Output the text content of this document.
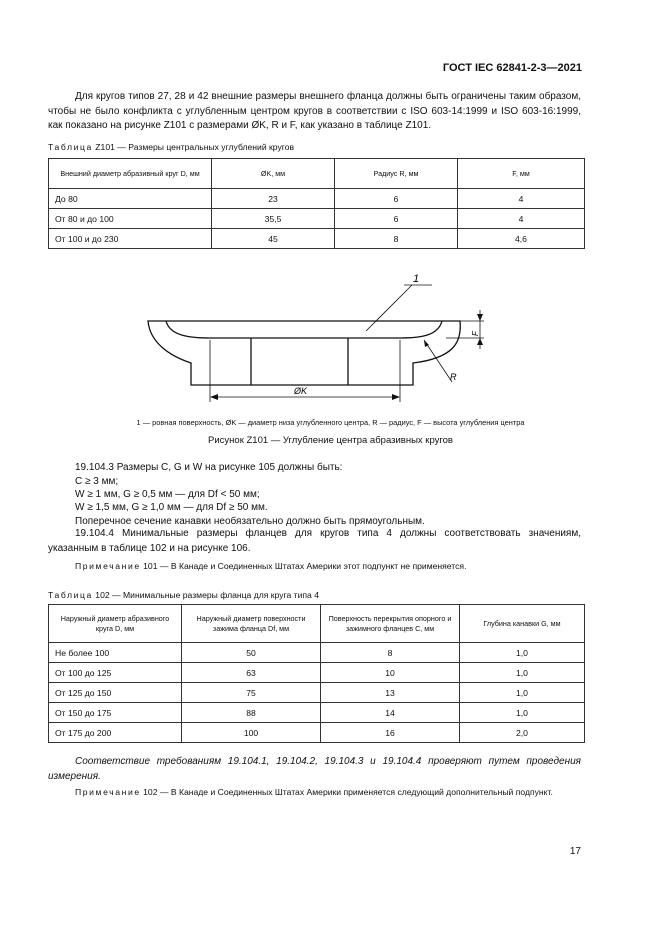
ГОСТ IEC 62841-2-3—2021
Для кругов типов 27, 28 и 42 внешние размеры внешнего фланца должны быть ограничены таким образом, чтобы не было конфликта с углубленным центром кругов в соответствии с ISO 603-14:1999 и ISO 603-16:1999, как показано на рисунке Z101 с размерами ØK, R и F, как указано в таблице Z101.
Таблица Z101 — Размеры центральных углублений кругов
Внешний диаметр абразивный круг D, мм	ØK, мм	Радиус R, мм	F, мм
До 80	23	6	4
От 80 и до 100	35,5	6	4
От 100 и до 230	45	8	4,6
ØK
F
R
1
1 — ровная поверхность, ØK — диаметр низа углубленного центра, R — радиус, F — высота углубления центра
Рисунок Z101 — Углубление центра абразивных кругов
19.104.3 Размеры C, G и W на рисунке 105 должны быть:
C ≥ 3 мм;
W ≥ 1 мм, G ≥ 0,5 мм — для Df < 50 мм;
W ≥ 1,5 мм, G ≥ 1,0 мм — для Df ≥ 50 мм.
Поперечное сечение канавки необязательно должно быть прямоугольным.
19.104.4 Минимальные размеры фланцев для кругов типа 4 должны соответствовать значениям, указанным в таблице 102 и на рисунке 106.
Примечание 101 — В Канаде и Соединенных Штатах Америки этот подпункт не применяется.
Таблица 102 — Минимальные размеры фланца для круга типа 4
Наружный диаметр абразивного круга D, мм	Наружный диаметр поверхности зажима фланца Df, мм	Поверхность перекрытия опорного и зажимного фланцев C, мм	Глубина канавки G, мм
Не более 100	50	8	1,0
От 100 до 125	63	10	1,0
От 125 до 150	75	13	1,0
От 150 до 175	88	14	1,0
От 175 до 200	100	16	2,0
Соответствие требованиям 19.104.1, 19.104.2, 19.104.3 и 19.104.4 проверяют путем проведения измерения.
Примечание 102 — В Канаде и Соединенных Штатах Америки применяется следующий дополнительный подпункт.
17
